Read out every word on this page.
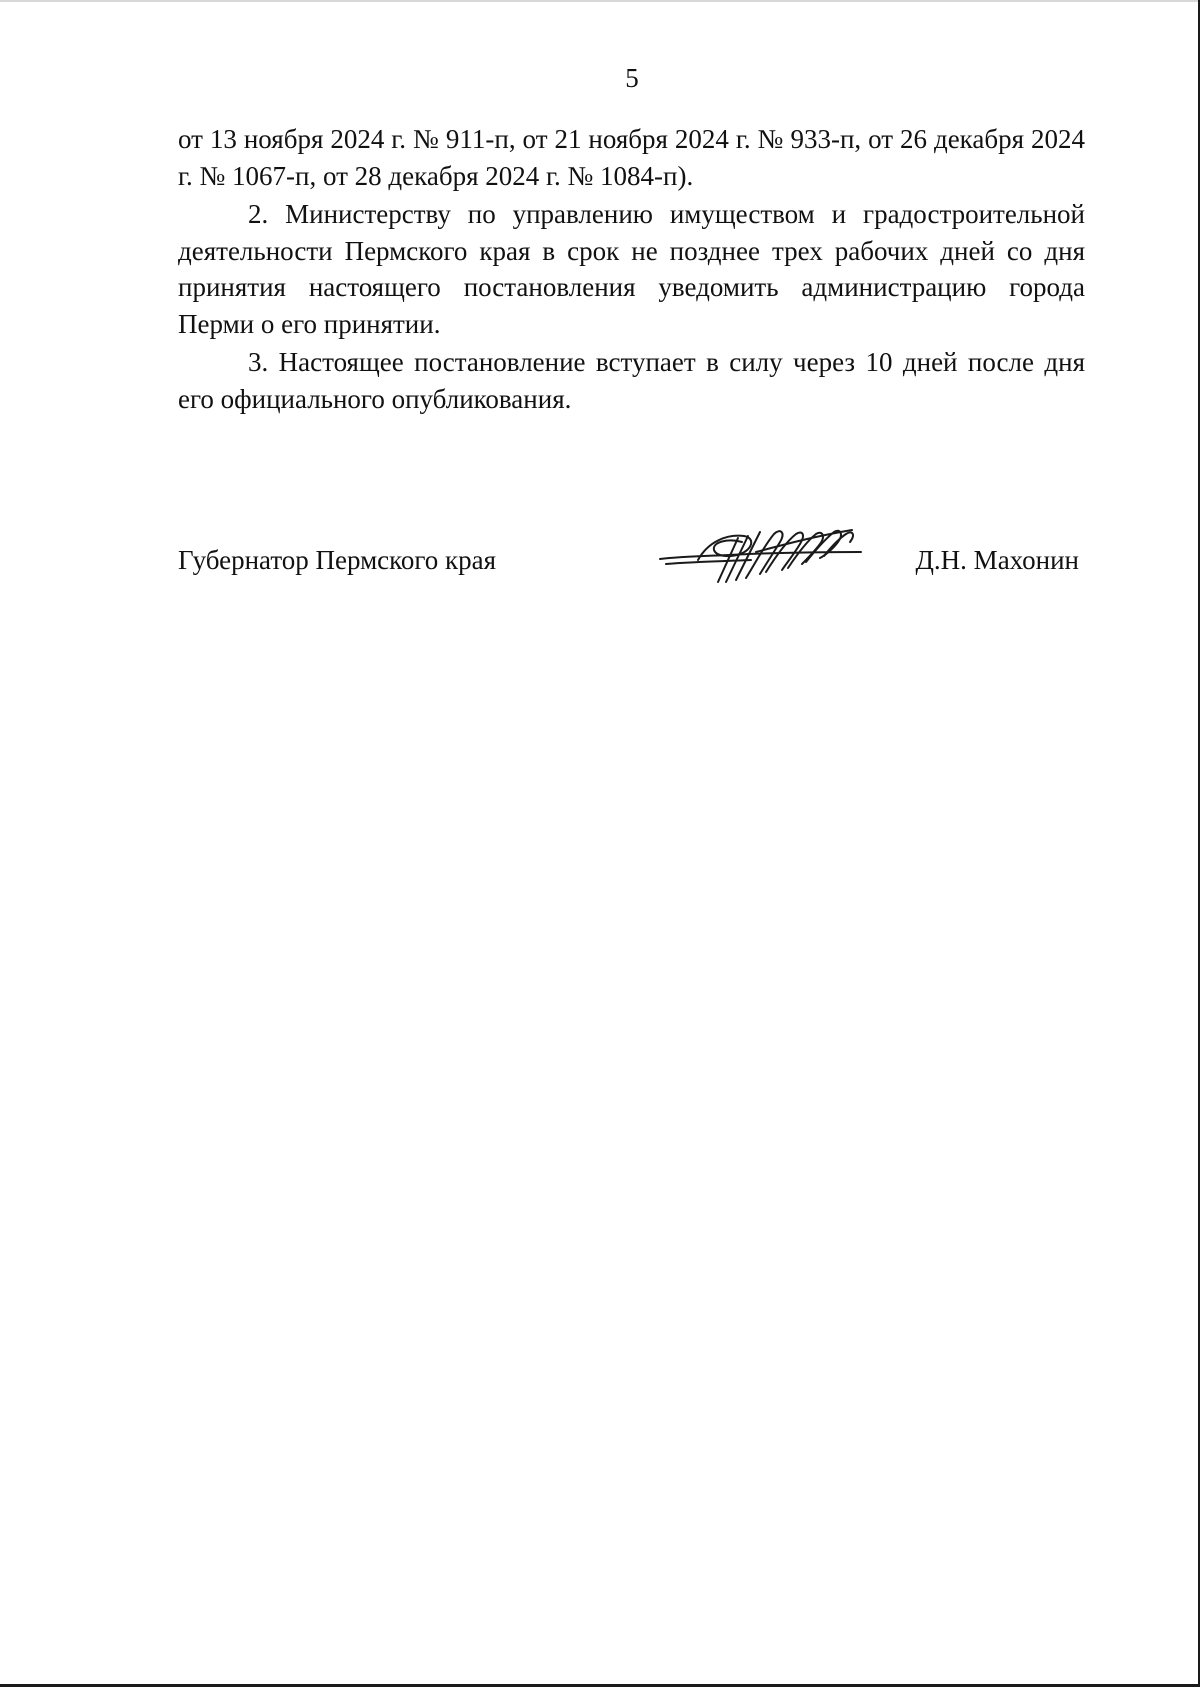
5

от 13 ноября 2024 г. № 911-п, от 21 ноября 2024 г. № 933-п, от 26 декабря 2024 г. № 1067-п, от 28 декабря 2024 г. № 1084-п).

2. Министерству по управлению имуществом и градостроительной деятельности Пермского края в срок не позднее трех рабочих дней со дня принятия настоящего постановления уведомить администрацию города Перми о его принятии.

3. Настоящее постановление вступает в силу через 10 дней после дня его официального опубликования.

Губернатор Пермского края	Д.Н. Махонин
